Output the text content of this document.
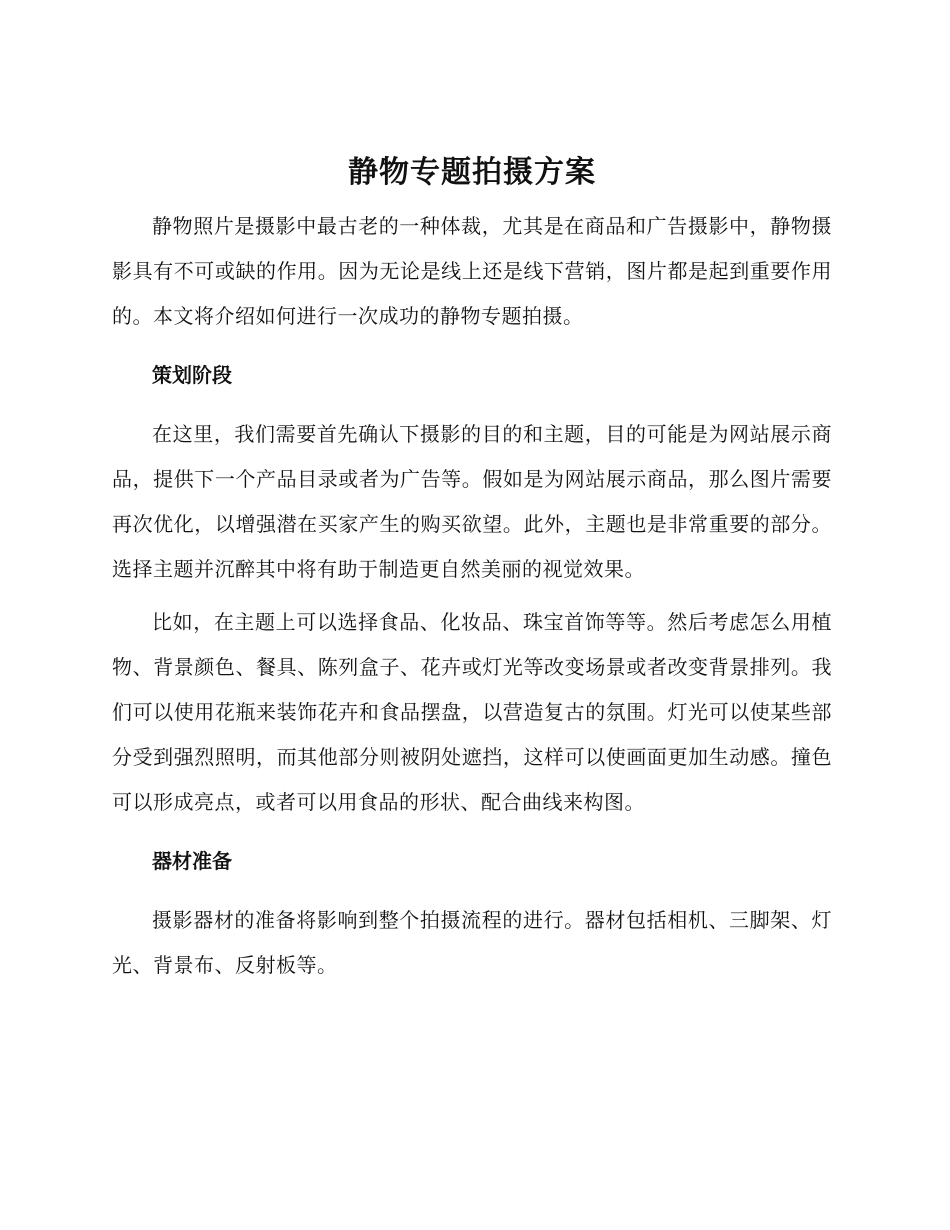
静物专题拍摄方案

静物照片是摄影中最古老的一种体裁，尤其是在商品和广告摄影中，静物摄影具有不可或缺的作用。因为无论是线上还是线下营销，图片都是起到重要作用的。本文将介绍如何进行一次成功的静物专题拍摄。

策划阶段

在这里，我们需要首先确认下摄影的目的和主题，目的可能是为网站展示商品，提供下一个产品目录或者为广告等。假如是为网站展示商品，那么图片需要再次优化，以增强潜在买家产生的购买欲望。此外，主题也是非常重要的部分。选择主题并沉醉其中将有助于制造更自然美丽的视觉效果。

比如，在主题上可以选择食品、化妆品、珠宝首饰等等。然后考虑怎么用植物、背景颜色、餐具、陈列盒子、花卉或灯光等改变场景或者改变背景排列。我们可以使用花瓶来装饰花卉和食品摆盘，以营造复古的氛围。灯光可以使某些部分受到强烈照明，而其他部分则被阴处遮挡，这样可以使画面更加生动感。撞色可以形成亮点，或者可以用食品的形状、配合曲线来构图。

器材准备

摄影器材的准备将影响到整个拍摄流程的进行。器材包括相机、三脚架、灯光、背景布、反射板等。
